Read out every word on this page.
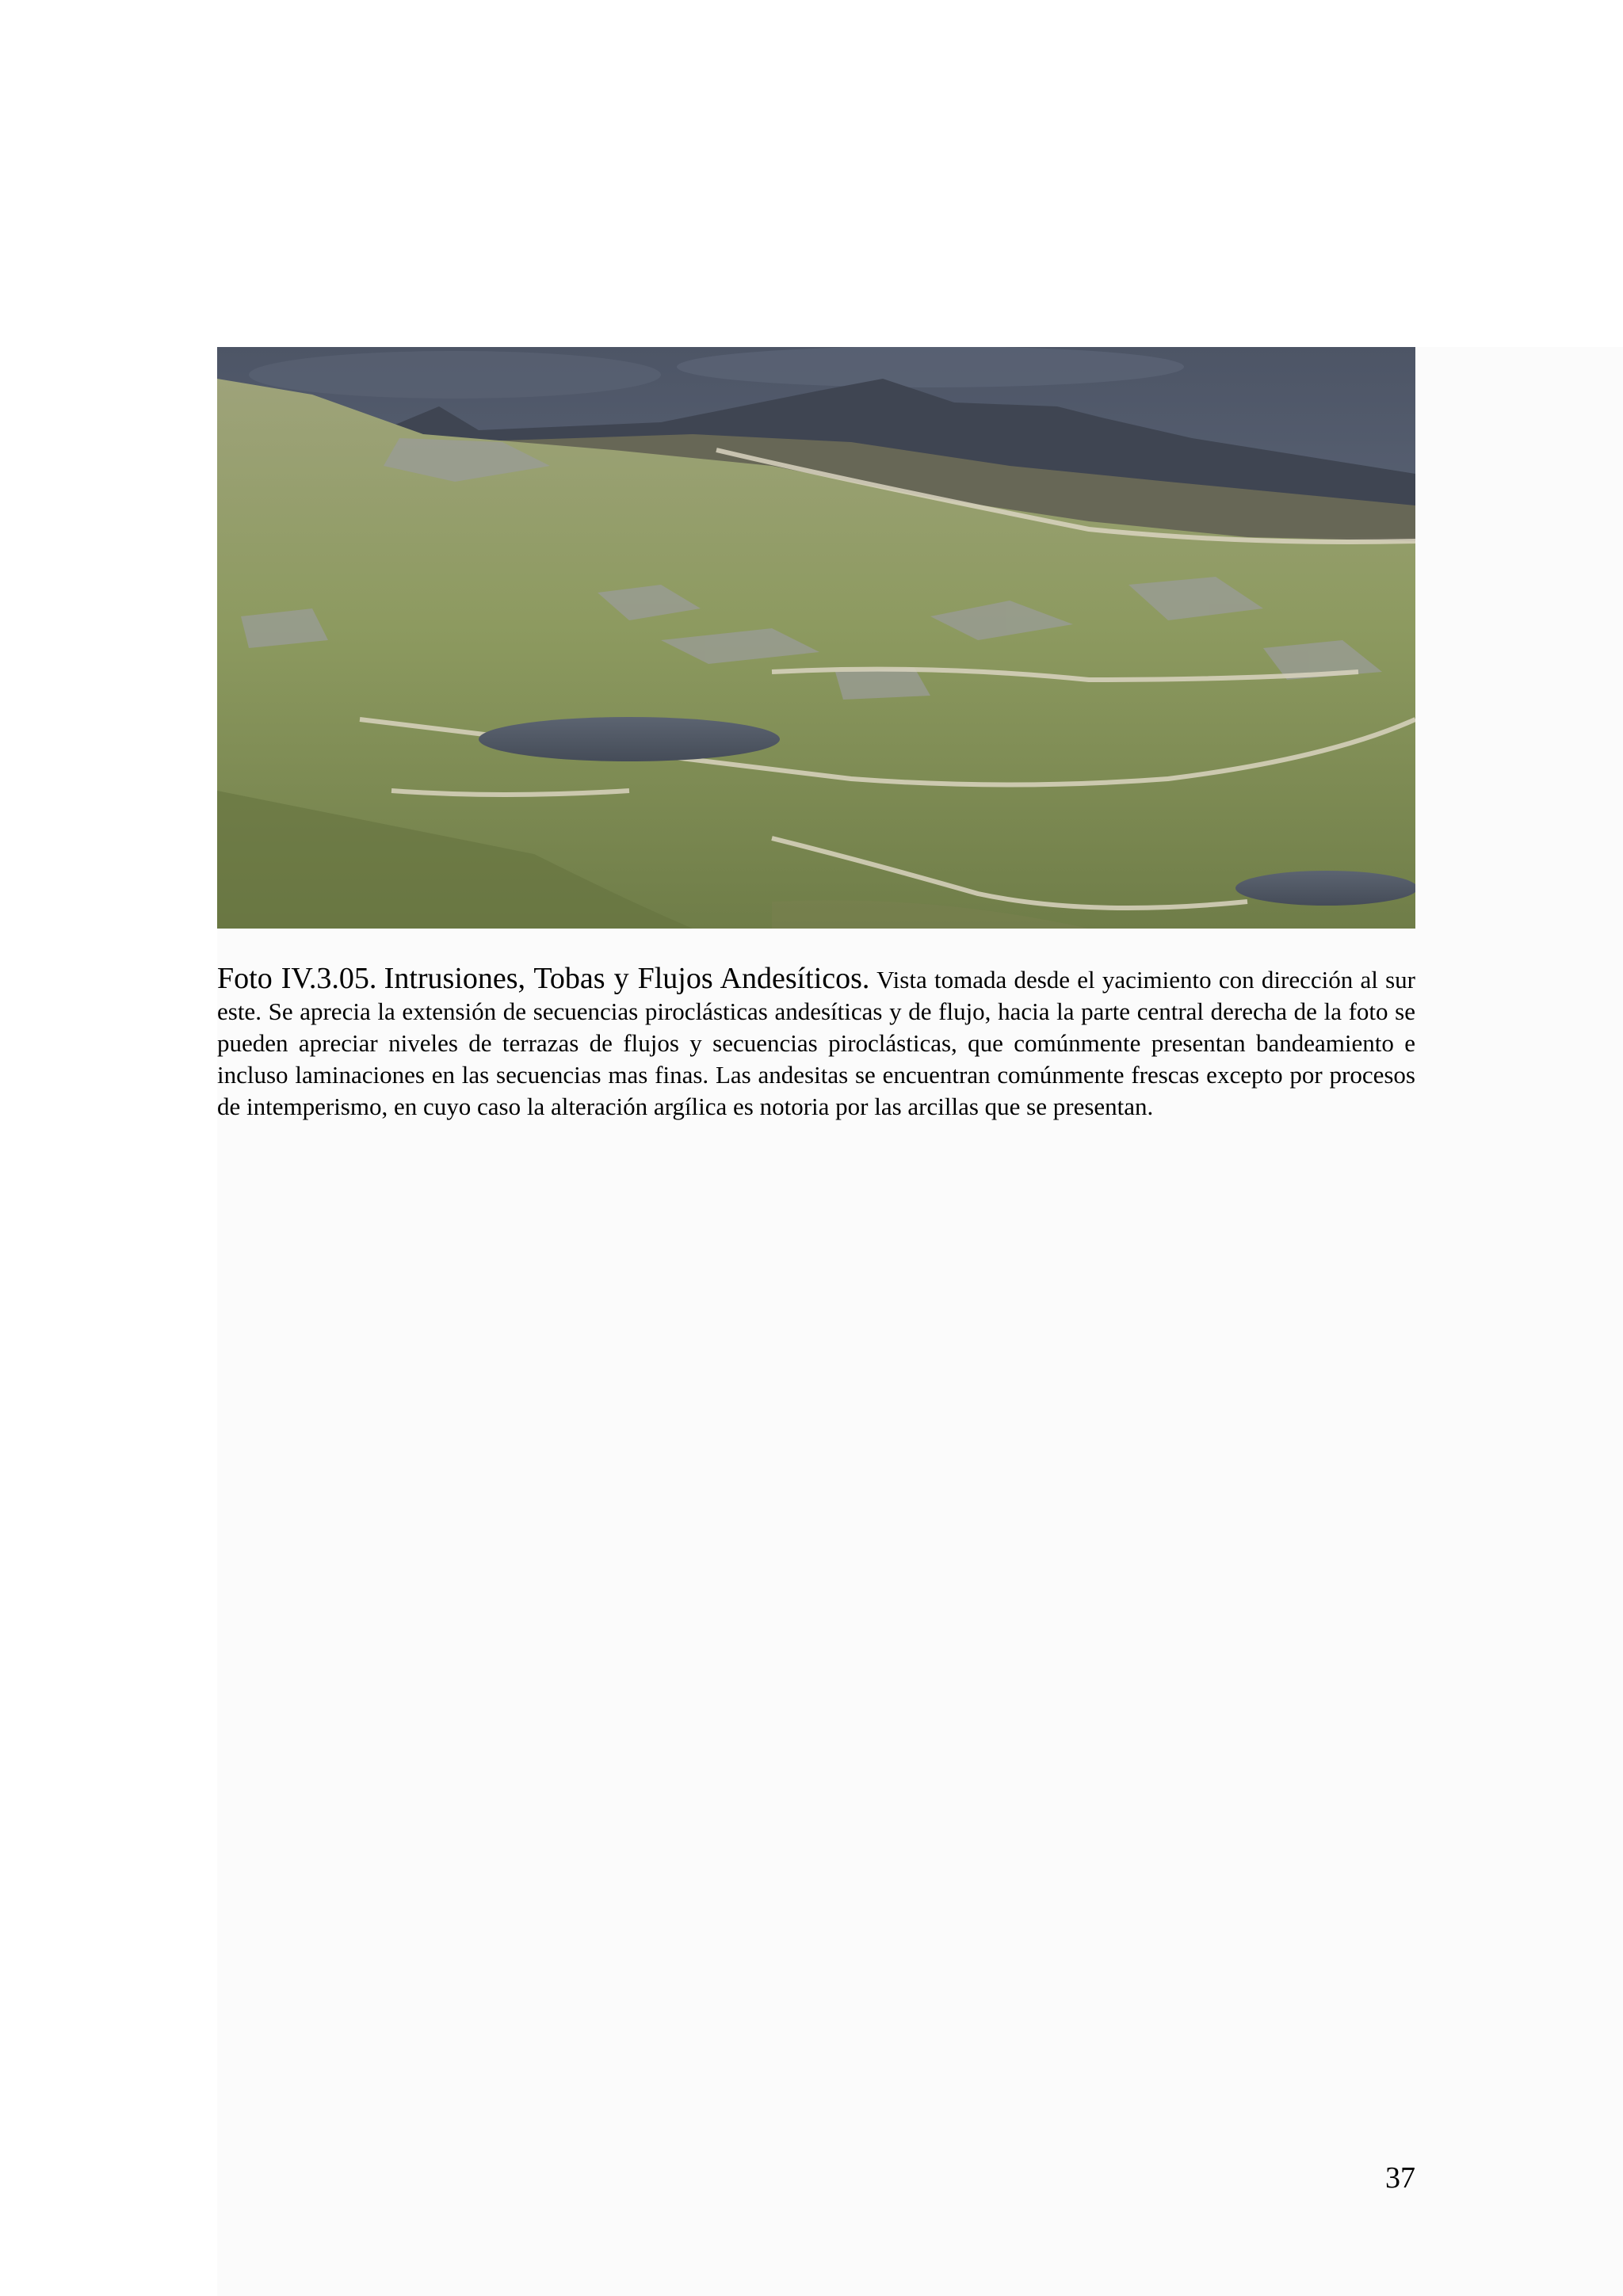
Foto IV.3.05. Intrusiones, Tobas y Flujos Andesíticos. Vista tomada desde el yacimiento con dirección al sur este. Se aprecia la extensión de secuencias piroclásticas andesíticas y de flujo, hacia la parte central derecha de la foto se pueden apreciar niveles de terrazas de flujos y secuencias piroclásticas, que comúnmente presentan bandeamiento e incluso laminaciones en las secuencias mas finas. Las andesitas se encuentran comúnmente frescas excepto por procesos de intemperismo, en cuyo caso la alteración argílica es notoria por las arcillas que se presentan.

37
